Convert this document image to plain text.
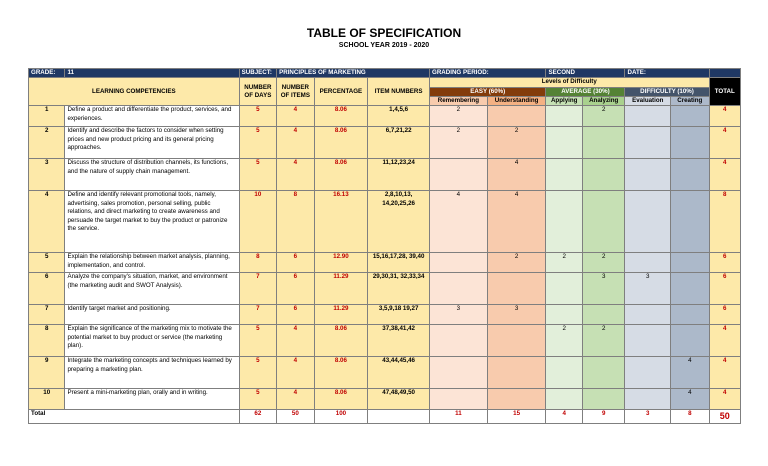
TABLE OF SPECIFICATION
SCHOOL YEAR 2019 - 2020
GRADE:	11	SUBJECT:	PRINCIPLES OF MARKETING			GRADING PERIOD:		SECOND		DATE:		
LEARNING COMPETENCIES		NUMBER OF DAYS	NUMBER OF ITEMS	PERCENTAGE	ITEM NUMBERS	Levels of Difficulty						TOTAL
						EASY (60%)		AVERAGE (30%)		DIFFICULTY (10%)		
						Remembering	Understanding	Applying	Analyzing	Evaluation	Creating	
1	Define a product and differentiate the product, services, and experiences.	5	4	8.06	1,4,5,6	2			2			4
2	Identify and describe the factors to consider when setting prices and new product pricing and its general pricing approaches.	5	4	8.06	6,7,21,22	2	2					4
3	Discuss the structure of distribution channels, its functions, and the nature of supply chain management.	5	4	8.06	11,12,23,24		4					4
4	Define and identify relevant promotional tools, namely, advertising, sales promotion, personal selling, public relations, and direct marketing to create awareness and persuade the target market to buy the product or patronize the service.	10	8	16.13	2,8,10,13, 14,20,25,26	4	4					8
5	Explain the relationship between market analysis, planning, implementation, and control.	8	6	12.90	15,16,17,28, 39,40		2	2	2			6
6	Analyze the company's situation, market, and environment (the marketing audit and SWOT Analysis).	7	6	11.29	29,30,31, 32,33,34				3	3		6
7	Identify target market and positioning.	7	6	11.29	3,5,9,18 19,27	3	3					6
8	Explain the significance of the marketing mix to motivate the potential market to buy product or service (the marketing plan).	5	4	8.06	37,38,41,42			2	2			4
9	Integrate the marketing concepts and techniques learned by preparing a marketing plan.	5	4	8.06	43,44,45,46						4	4
10	Present a mini-marketing plan, orally and in writing.	5	4	8.06	47,48,49,50						4	4
Total		62	50	100		11	15	4	9	3	8	50
